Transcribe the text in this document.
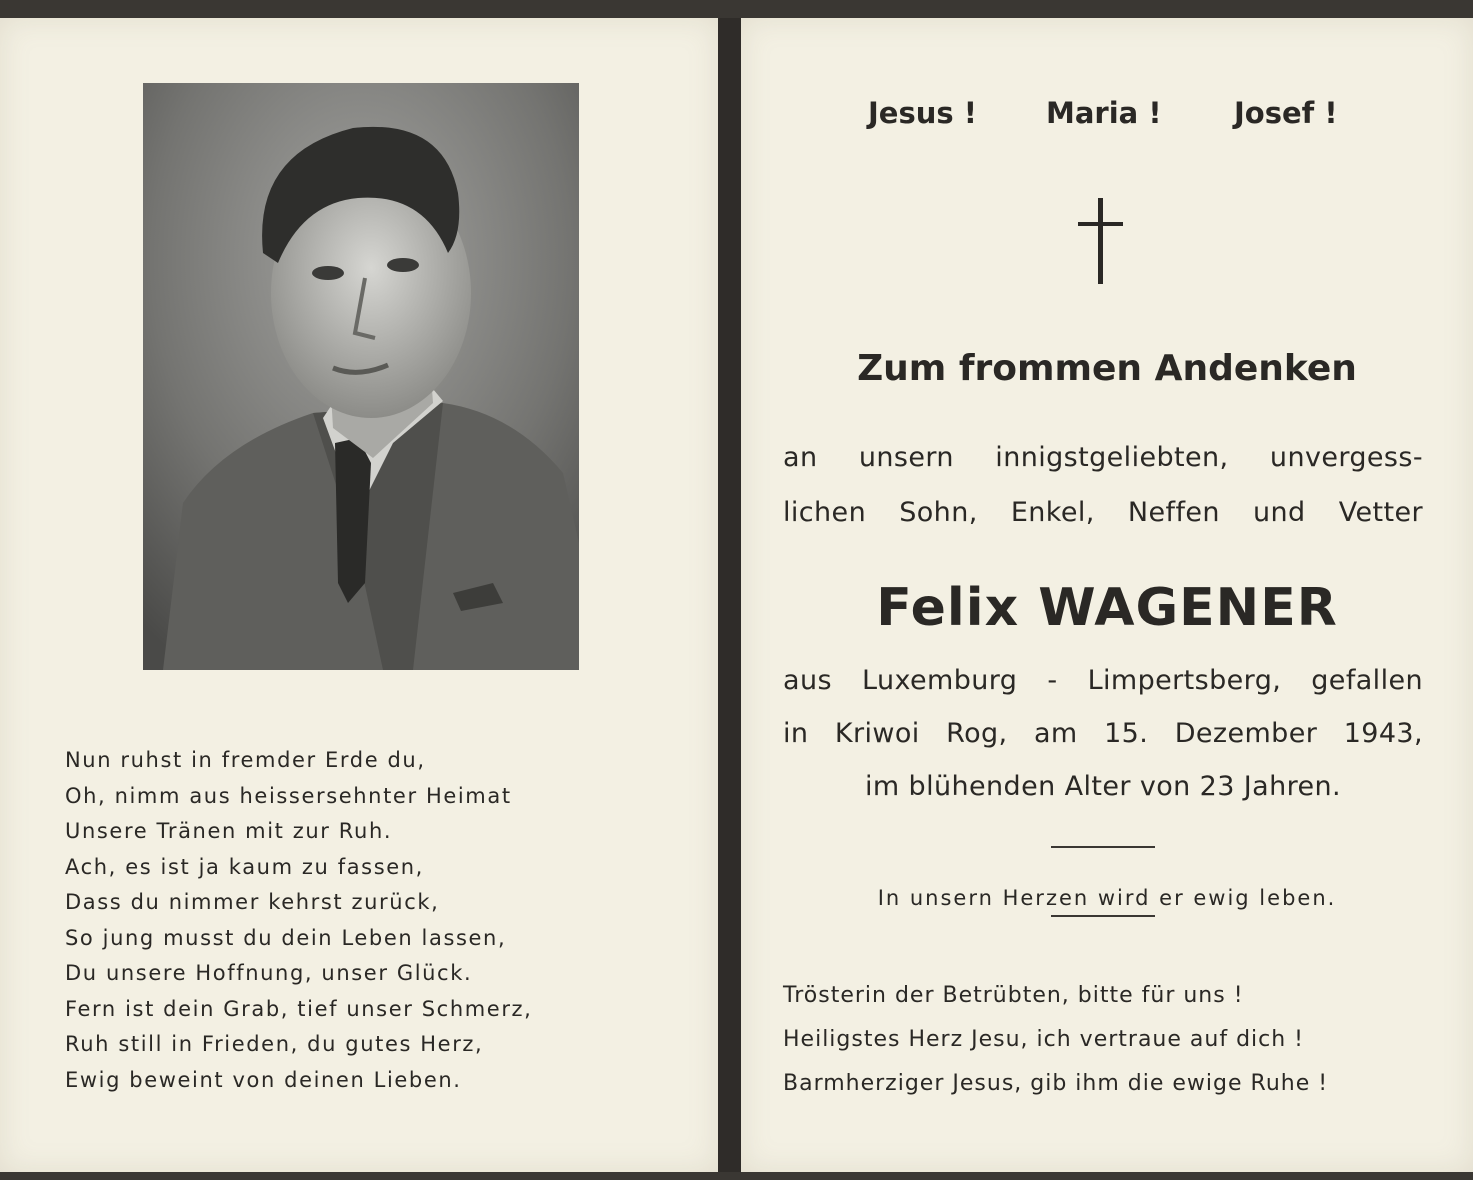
Nun ruhst in fremder Erde du,
Oh, nimm aus heissersehnter Heimat
Unsere Tränen mit zur Ruh.
Ach, es ist ja kaum zu fassen,
Dass du nimmer kehrst zurück,
So jung musst du dein Leben lassen,
Du unsere Hoffnung, unser Glück.
Fern ist dein Grab, tief unser Schmerz,
Ruh still in Frieden, du gutes Herz,
Ewig beweint von deinen Lieben.
Jesus ! Maria ! Josef !
Zum frommen Andenken
an unsern innigstgeliebten, unvergess-
lichen Sohn, Enkel, Neffen und Vetter
Felix WAGENER
aus Luxemburg - Limpertsberg, gefallen
in Kriwoi Rog, am 15. Dezember 1943,
im blühenden Alter von 23 Jahren.
In unsern Herzen wird er ewig leben.
Trösterin der Betrübten, bitte für uns !
Heiligstes Herz Jesu, ich vertraue auf dich !
Barmherziger Jesus, gib ihm die ewige Ruhe !
